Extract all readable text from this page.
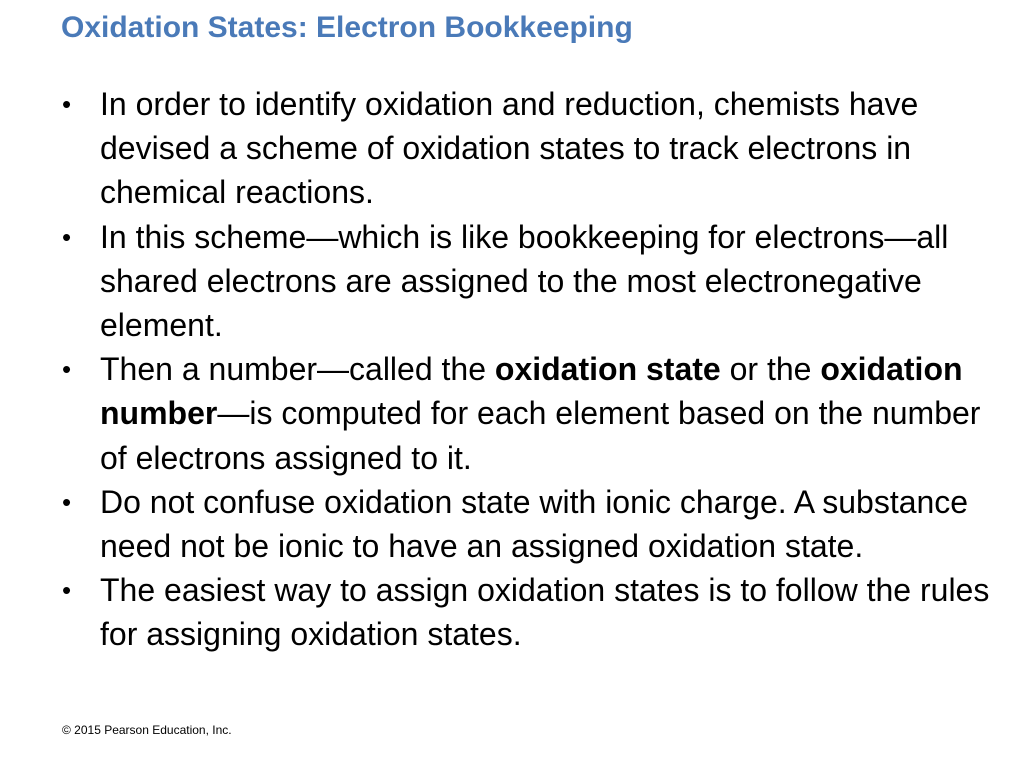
Oxidation States: Electron Bookkeeping
• In order to identify oxidation and reduction, chemists have devised a scheme of oxidation states to track electrons in chemical reactions.
• In this scheme—which is like bookkeeping for electrons—all shared electrons are assigned to the most electronegative element.
• Then a number—called the oxidation state or the oxidation number—is computed for each element based on the number of electrons assigned to it.
• Do not confuse oxidation state with ionic charge. A substance need not be ionic to have an assigned oxidation state.
• The easiest way to assign oxidation states is to follow the rules for assigning oxidation states.
© 2015 Pearson Education, Inc.
